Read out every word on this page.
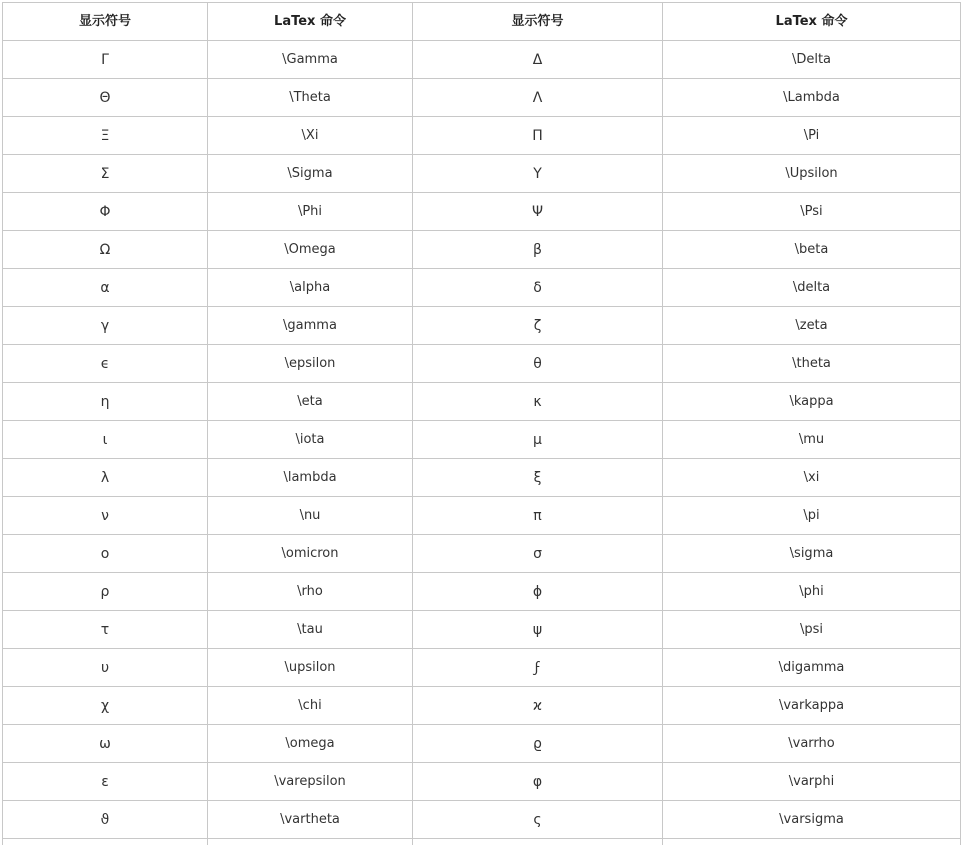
显示符号	LaTex 命令	显示符号	LaTex 命令
Γ	\Gamma	Δ	\Delta
Θ	\Theta	Λ	\Lambda
Ξ	\Xi	Π	\Pi
Σ	\Sigma	Υ	\Upsilon
Φ	\Phi	Ψ	\Psi
Ω	\Omega	β	\beta
α	\alpha	δ	\delta
γ	\gamma	ζ	\zeta
ϵ	\epsilon	θ	\theta
η	\eta	κ	\kappa
ι	\iota	μ	\mu
λ	\lambda	ξ	\xi
ν	\nu	π	\pi
ο	\omicron	σ	\sigma
ρ	\rho	ϕ	\phi
τ	\tau	ψ	\psi
υ	\upsilon	ϝ	\digamma
χ	\chi	ϰ	\varkappa
ω	\omega	ϱ	\varrho
ε	\varepsilon	φ	\varphi
ϑ	\vartheta	ς	\varsigma
